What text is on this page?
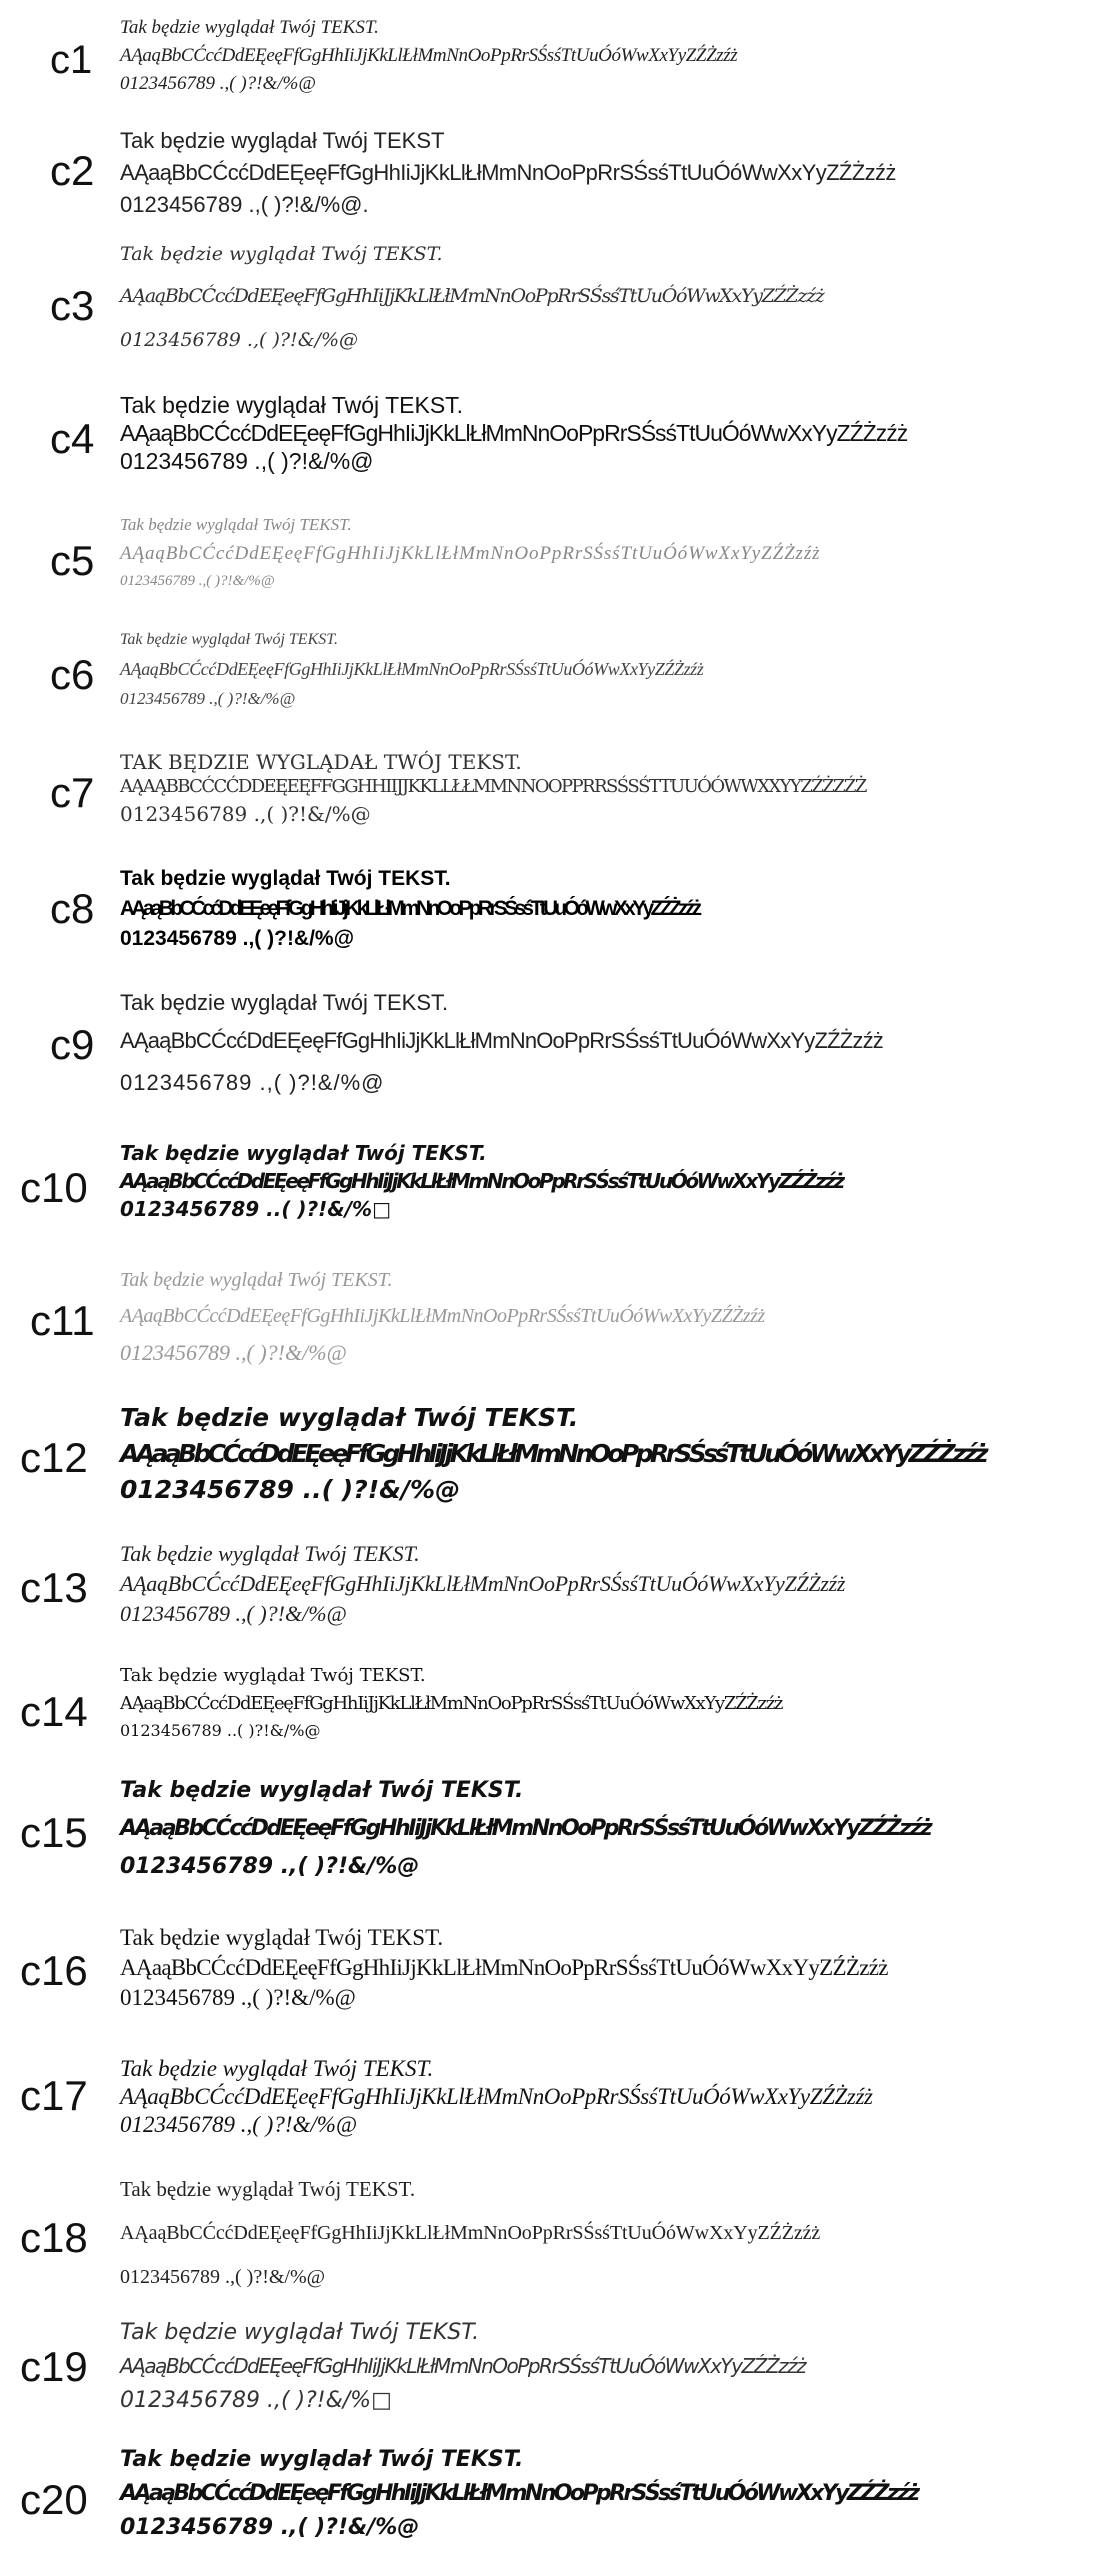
c1
Tak będzie wyglądał Twój TEKST.
AĄaąBbCĆcćDdEĘeęFfGgHhIiJjKkLlŁłMmNnOoPpRrSŚsśTtUuÓóWwXxYyZŹŻzźż
0123456789 .,( )?!&/%@
c2
Tak będzie wyglądał Twój TEKST
AĄaąBbCĆcćDdEĘeęFfGgHhIiJjKkLlŁłMmNnOoPpRrSŚsśTtUuÓóWwXxYyZŹŻzźż
0123456789 .,( )?!&/%@.
c3
Tak będzie wyglądał Twój TEKST.
AĄaąBbCĆcćDdEĘeęFfGgHhIiJjKkLlŁłMmNnOoPpRrSŚsśTtUuÓóWwXxYyZŹŻzźż
0123456789 .,( )?!&/%@
c4
Tak będzie wyglądał Twój TEKST.
AĄaąBbCĆcćDdEĘeęFfGgHhIiJjKkLlŁłMmNnOoPpRrSŚsśTtUuÓóWwXxYyZŹŻzźż
0123456789 .,( )?!&/%@
c5
Tak będzie wyglądał Twój TEKST.
AĄaąBbCĆcćDdEĘeęFfGgHhIiJjKkLlŁłMmNnOoPpRrSŚsśTtUuÓóWwXxYyZŹŻzźż
0123456789 .,( )?!&/%@
c6
Tak będzie wyglądał Twój TEKST.
AĄaąBbCĆcćDdEĘeęFfGgHhIiJjKkLlŁłMmNnOoPpRrSŚsśTtUuÓóWwXxYyZŹŻzźż
0123456789 .,( )?!&/%@
c7
TAK BĘDZIE WYGLĄDAŁ TWÓJ TEKST.
AĄAĄBBCĆCĆDDEĘEĘFFGGHHIIJJKKLLŁŁMMNNOOPPRRSŚSŚTTUUÓÓWWXXYYZŹŻZŹŻ
0123456789 .,( )?!&/%@
c8
Tak będzie wyglądał Twój TEKST.
AĄaąBbCĆcćDdEĘeęFfGgHhIiJjKkLlŁłMmNnOoPpRrSŚsśTtUuÓóWwXxYyZŹŻzźż
0123456789 .,( )?!&/%@
c9
Tak będzie wyglądał Twój TEKST.
AĄaąBbCĆcćDdEĘeęFfGgHhIiJjKkLlŁłMmNnOoPpRrSŚsśTtUuÓóWwXxYyZŹŻzźż
0123456789 .,( )?!&/%@
c10
Tak będzie wyglądał Twój TEKST.
AĄaąBbCĆcćDdEĘeęFfGgHhIiJjKkLlŁłMmNnOoPpRrSŚsśTtUuÓóWwXxYyZŹŻzźż
0123456789 ..( )?!&/%□
c11
Tak będzie wyglądał Twój TEKST.
AĄaąBbCĆcćDdEĘeęFfGgHhIiJjKkLlŁłMmNnOoPpRrSŚsśTtUuÓóWwXxYyZŹŻzźż
0123456789 .,( )?!&/%@
c12
Tak będzie wyglądał Twój TEKST.
AĄaąBbCĆcćDdEĘeęFfGgHhIiJjKkLlŁłMmNnOoPpRrSŚsśTtUuÓóWwXxYyZŹŻzźż
0123456789 ..( )?!&/%@
c13
Tak będzie wyglądał Twój TEKST.
AĄaąBbCĆcćDdEĘeęFfGgHhIiJjKkLlŁłMmNnOoPpRrSŚsśTtUuÓóWwXxYyZŹŻzźż
0123456789 .,( )?!&/%@
c14
Tak będzie wyglądał Twój TEKST.
AĄaąBbCĆcćDdEĘeęFfGgHhIiJjKkLlŁłMmNnOoPpRrSŚsśTtUuÓóWwXxYyZŹŻzźż
0123456789 ..( )?!&/%@
c15
Tak będzie wyglądał Twój TEKST.
AĄaąBbCĆcćDdEĘeęFfGgHhIiJjKkLlŁłMmNnOoPpRrSŚsśTtUuÓóWwXxYyZŹŻzźż
0123456789 .,( )?!&/%@
c16
Tak będzie wyglądał Twój TEKST.
AĄaąBbCĆcćDdEĘeęFfGgHhIiJjKkLlŁłMmNnOoPpRrSŚsśTtUuÓóWwXxYyZŹŻzźż
0123456789 .,( )?!&/%@
c17
Tak będzie wyglądał Twój TEKST.
AĄaąBbCĆcćDdEĘeęFfGgHhIiJjKkLlŁłMmNnOoPpRrSŚsśTtUuÓóWwXxYyZŹŻzźż
0123456789 .,( )?!&/%@
c18
Tak będzie wyglądał Twój TEKST.
AĄaąBbCĆcćDdEĘeęFfGgHhIiJjKkLlŁłMmNnOoPpRrSŚsśTtUuÓóWwXxYyZŹŻzźż
0123456789 .,( )?!&/%@
c19
Tak będzie wyglądał Twój TEKST.
AĄaąBbCĆcćDdEĘeęFfGgHhIiJjKkLlŁłMmNnOoPpRrSŚsśTtUuÓóWwXxYyZŹŻzźż
0123456789 .,( )?!&/%□
c20
Tak będzie wyglądał Twój TEKST.
AĄaąBbCĆcćDdEĘeęFfGgHhIiJjKkLlŁłMmNnOoPpRrSŚsśTtUuÓóWwXxYyZŹŻzźż
0123456789 .,( )?!&/%@
